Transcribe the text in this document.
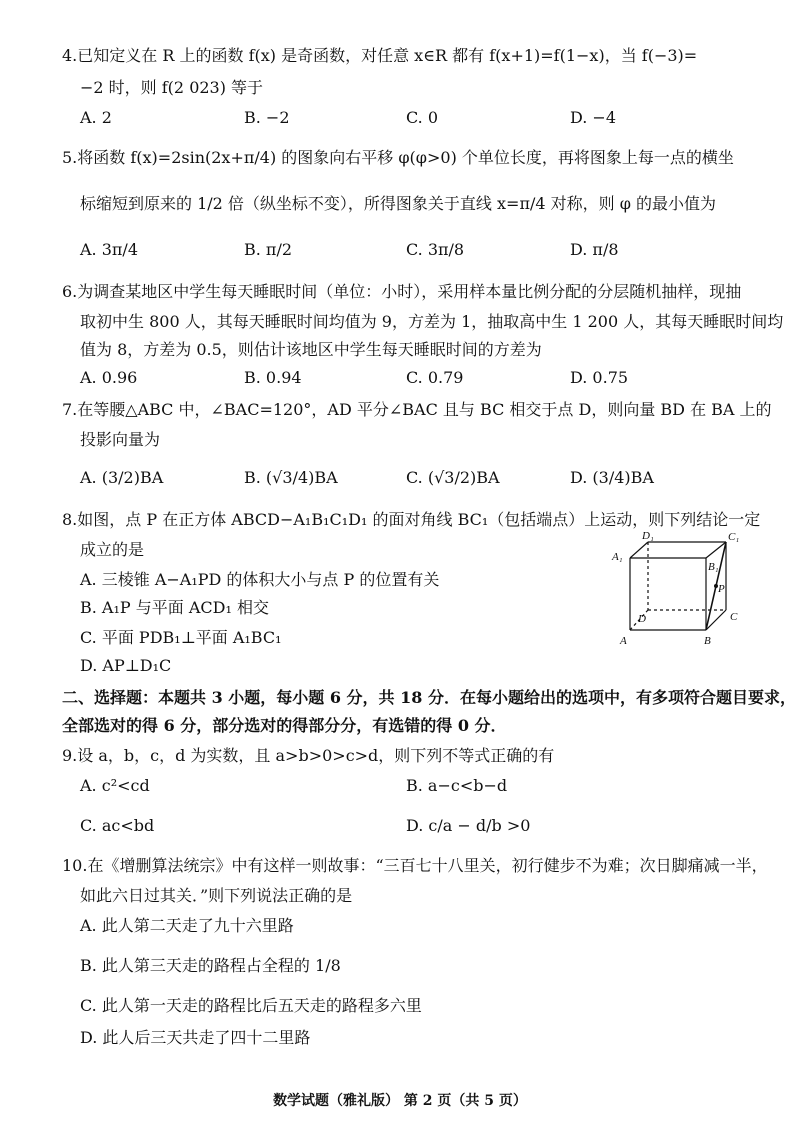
4.已知定义在 R 上的函数 f(x) 是奇函数，对任意 x∈R 都有 f(x+1)=f(1−x)，当 f(−3)=
−2 时，则 f(2 023) 等于
A. 2	B. −2	C. 0	D. −4
5.将函数 f(x)=2sin(2x+π/4) 的图象向右平移 φ(φ>0) 个单位长度，再将图象上每一点的横坐
标缩短到原来的 1/2 倍（纵坐标不变），所得图象关于直线 x=π/4 对称，则 φ 的最小值为
A. 3π/4	B. π/2	C. 3π/8	D. π/8
6.为调查某地区中学生每天睡眠时间（单位：小时），采用样本量比例分配的分层随机抽样，现抽
取初中生 800 人，其每天睡眠时间均值为 9，方差为 1，抽取高中生 1 200 人，其每天睡眠时间均
值为 8，方差为 0.5，则估计该地区中学生每天睡眠时间的方差为
A. 0.96	B. 0.94	C. 0.79	D. 0.75
7.在等腰△ABC 中，∠BAC=120°，AD 平分∠BAC 且与 BC 相交于点 D，则向量 BD 在 BA 上的
投影向量为
A. (3/2)BA	B. (√3/4)BA	C. (√3/2)BA	D. (3/4)BA
8.如图，点 P 在正方体 ABCD−A₁B₁C₁D₁ 的面对角线 BC₁（包括端点）上运动，则下列结论一定
成立的是
A. 三棱锥 A−A₁PD 的体积大小与点 P 的位置有关
B. A₁P 与平面 ACD₁ 相交
C. 平面 PDB₁⊥平面 A₁BC₁
D. AP⊥D₁C
D₁	C₁
A₁
B₁
P
D	C
A	B
二、选择题：本题共 3 小题，每小题 6 分，共 18 分．在每小题给出的选项中，有多项符合题目要求，
全部选对的得 6 分，部分选对的得部分分，有选错的得 0 分．
9.设 a，b，c，d 为实数，且 a>b>0>c>d，则下列不等式正确的有
A. c²<cd	B. a−c<b−d
C. ac<bd	D. c/a − d/b >0
10.在《增删算法统宗》中有这样一则故事：“三百七十八里关，初行健步不为难；次日脚痛减一半，
如此六日过其关．”则下列说法正确的是
A. 此人第二天走了九十六里路
B. 此人第三天走的路程占全程的 1/8
C. 此人第一天走的路程比后五天走的路程多六里
D. 此人后三天共走了四十二里路
数学试题（雅礼版） 第 2 页（共 5 页）
